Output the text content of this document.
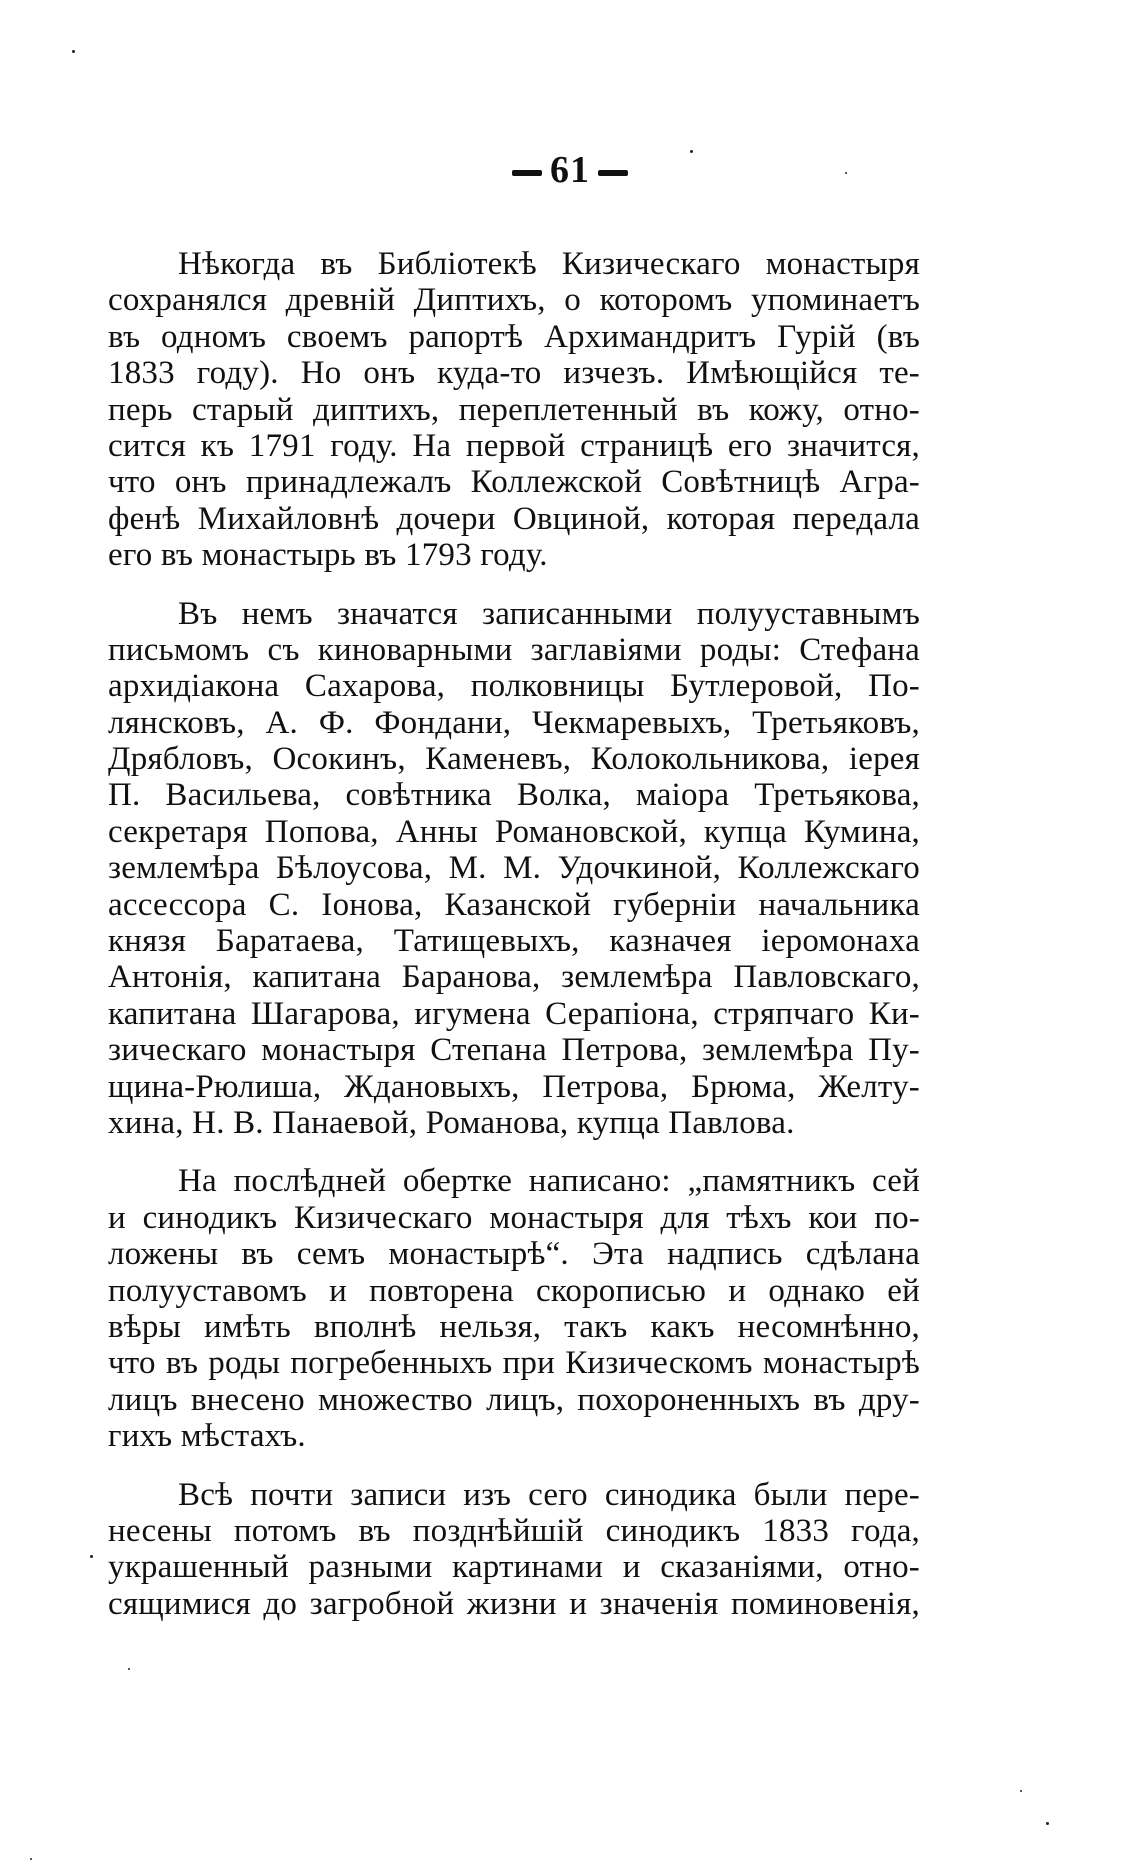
61
Нѣкогда въ Библіотекѣ Кизическаго монастыря
сохранялся древній Диптихъ, о которомъ упоминаетъ
въ одномъ своемъ рапортѣ Архимандритъ Гурій (въ
1833 году). Но онъ куда-то изчезъ. Имѣющійся те-
перь старый диптихъ, переплетенный въ кожу, отно-
сится къ 1791 году. На первой страницѣ его значится,
что онъ принадлежалъ Коллежской Совѣтницѣ Агра-
фенѣ Михайловнѣ дочери Овциной, которая передала
его въ монастырь въ 1793 году.
Въ немъ значатся записанными полууставнымъ
письмомъ съ киноварными заглавіями роды: Стефана
архидіакона Сахарова, полковницы Бутлеровой, По-
лянсковъ, А. Ф. Фондани, Чекмаревыхъ, Третьяковъ,
Дрябловъ, Осокинъ, Каменевъ, Колокольникова, іерея
П. Васильева, совѣтника Волка, маіора Третьякова,
секретаря Попова, Анны Романовской, купца Кумина,
землемѣра Бѣлоусова, М. М. Удочкиной, Коллежскаго
ассессора С. Іонова, Казанской губерніи начальника
князя Баратаева, Татищевыхъ, казначея іеромонаха
Антонія, капитана Баранова, землемѣра Павловскаго,
капитана Шагарова, игумена Серапіона, стряпчаго Ки-
зическаго монастыря Степана Петрова, землемѣра Пу-
щина-Рюлиша, Ждановыхъ, Петрова, Брюма, Желту-
хина, Н. В. Панаевой, Романова, купца Павлова.
На послѣдней обертке написано: „памятникъ сей
и синодикъ Кизическаго монастыря для тѣхъ кои по-
ложены въ семъ монастырѣ“. Эта надпись сдѣлана
полууставомъ и повторена скорописью и однако ей
вѣры имѣть вполнѣ нельзя, такъ какъ несомнѣнно,
что въ роды погребенныхъ при Кизическомъ монастырѣ
лицъ внесено множество лицъ, похороненныхъ въ дру-
гихъ мѣстахъ.
Всѣ почти записи изъ сего синодика были пере-
несены потомъ въ позднѣйшій синодикъ 1833 года,
украшенный разными картинами и сказаніями, отно-
сящимися до загробной жизни и значенія поминовенія,
